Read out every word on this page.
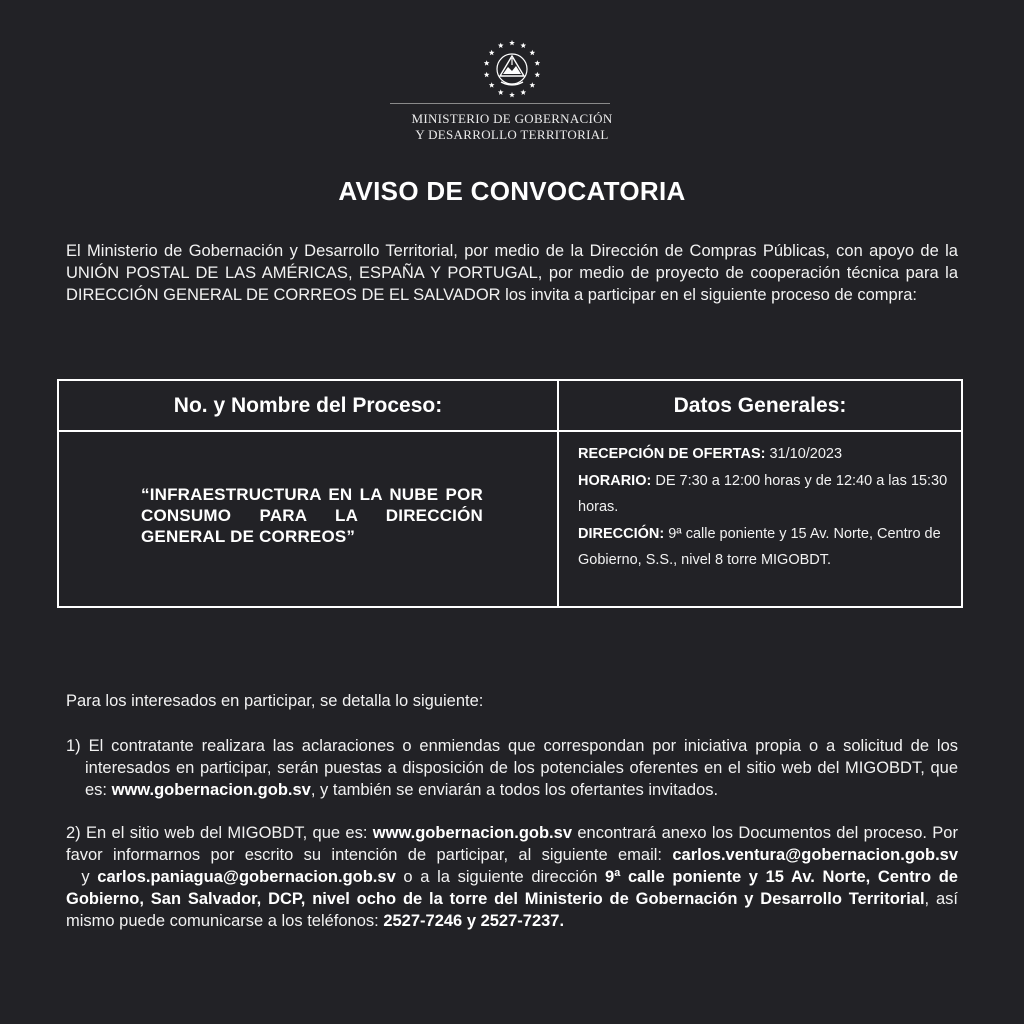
MINISTERIO DE GOBERNACIÓN
Y DESARROLLO TERRITORIAL
AVISO DE CONVOCATORIA

El Ministerio de Gobernación y Desarrollo Territorial, por medio de la Dirección de Compras Públicas, con apoyo de la UNIÓN POSTAL DE LAS AMÉRICAS, ESPAÑA Y PORTUGAL, por medio de proyecto de cooperación técnica para la DIRECCIÓN GENERAL DE CORREOS DE EL SALVADOR los invita a participar en el siguiente proceso de compra:

No. y Nombre del Proceso:	Datos Generales:
“INFRAESTRUCTURA EN LA NUBE POR CONSUMO PARA LA DIRECCIÓN GENERAL DE CORREOS”
RECEPCIÓN DE OFERTAS: 31/10/2023
HORARIO: DE 7:30 a 12:00 horas y de 12:40 a las 15:30 horas.
DIRECCIÓN: 9ª calle poniente y 15 Av. Norte, Centro de Gobierno, S.S., nivel 8 torre MIGOBDT.

Para los interesados en participar, se detalla lo siguiente:

1) El contratante realizara las aclaraciones o enmiendas que correspondan por iniciativa propia o a solicitud de los interesados en participar, serán puestas a disposición de los potenciales oferentes en el sitio web del MIGOBDT, que es: www.gobernacion.gob.sv, y también se enviarán a todos los ofertantes invitados.

2) En el sitio web del MIGOBDT, que es: www.gobernacion.gob.sv encontrará anexo los Documentos del proceso. Por favor informarnos por escrito su intención de participar, al siguiente email: carlos.ventura@gobernacion.gob.sv  y carlos.paniagua@gobernacion.gob.sv o a la siguiente dirección 9ª calle poniente y 15 Av. Norte, Centro de Gobierno, San Salvador, DCP, nivel ocho de la torre del Ministerio de Gobernación y Desarrollo Territorial, así mismo puede comunicarse a los teléfonos: 2527-7246 y 2527-7237.
